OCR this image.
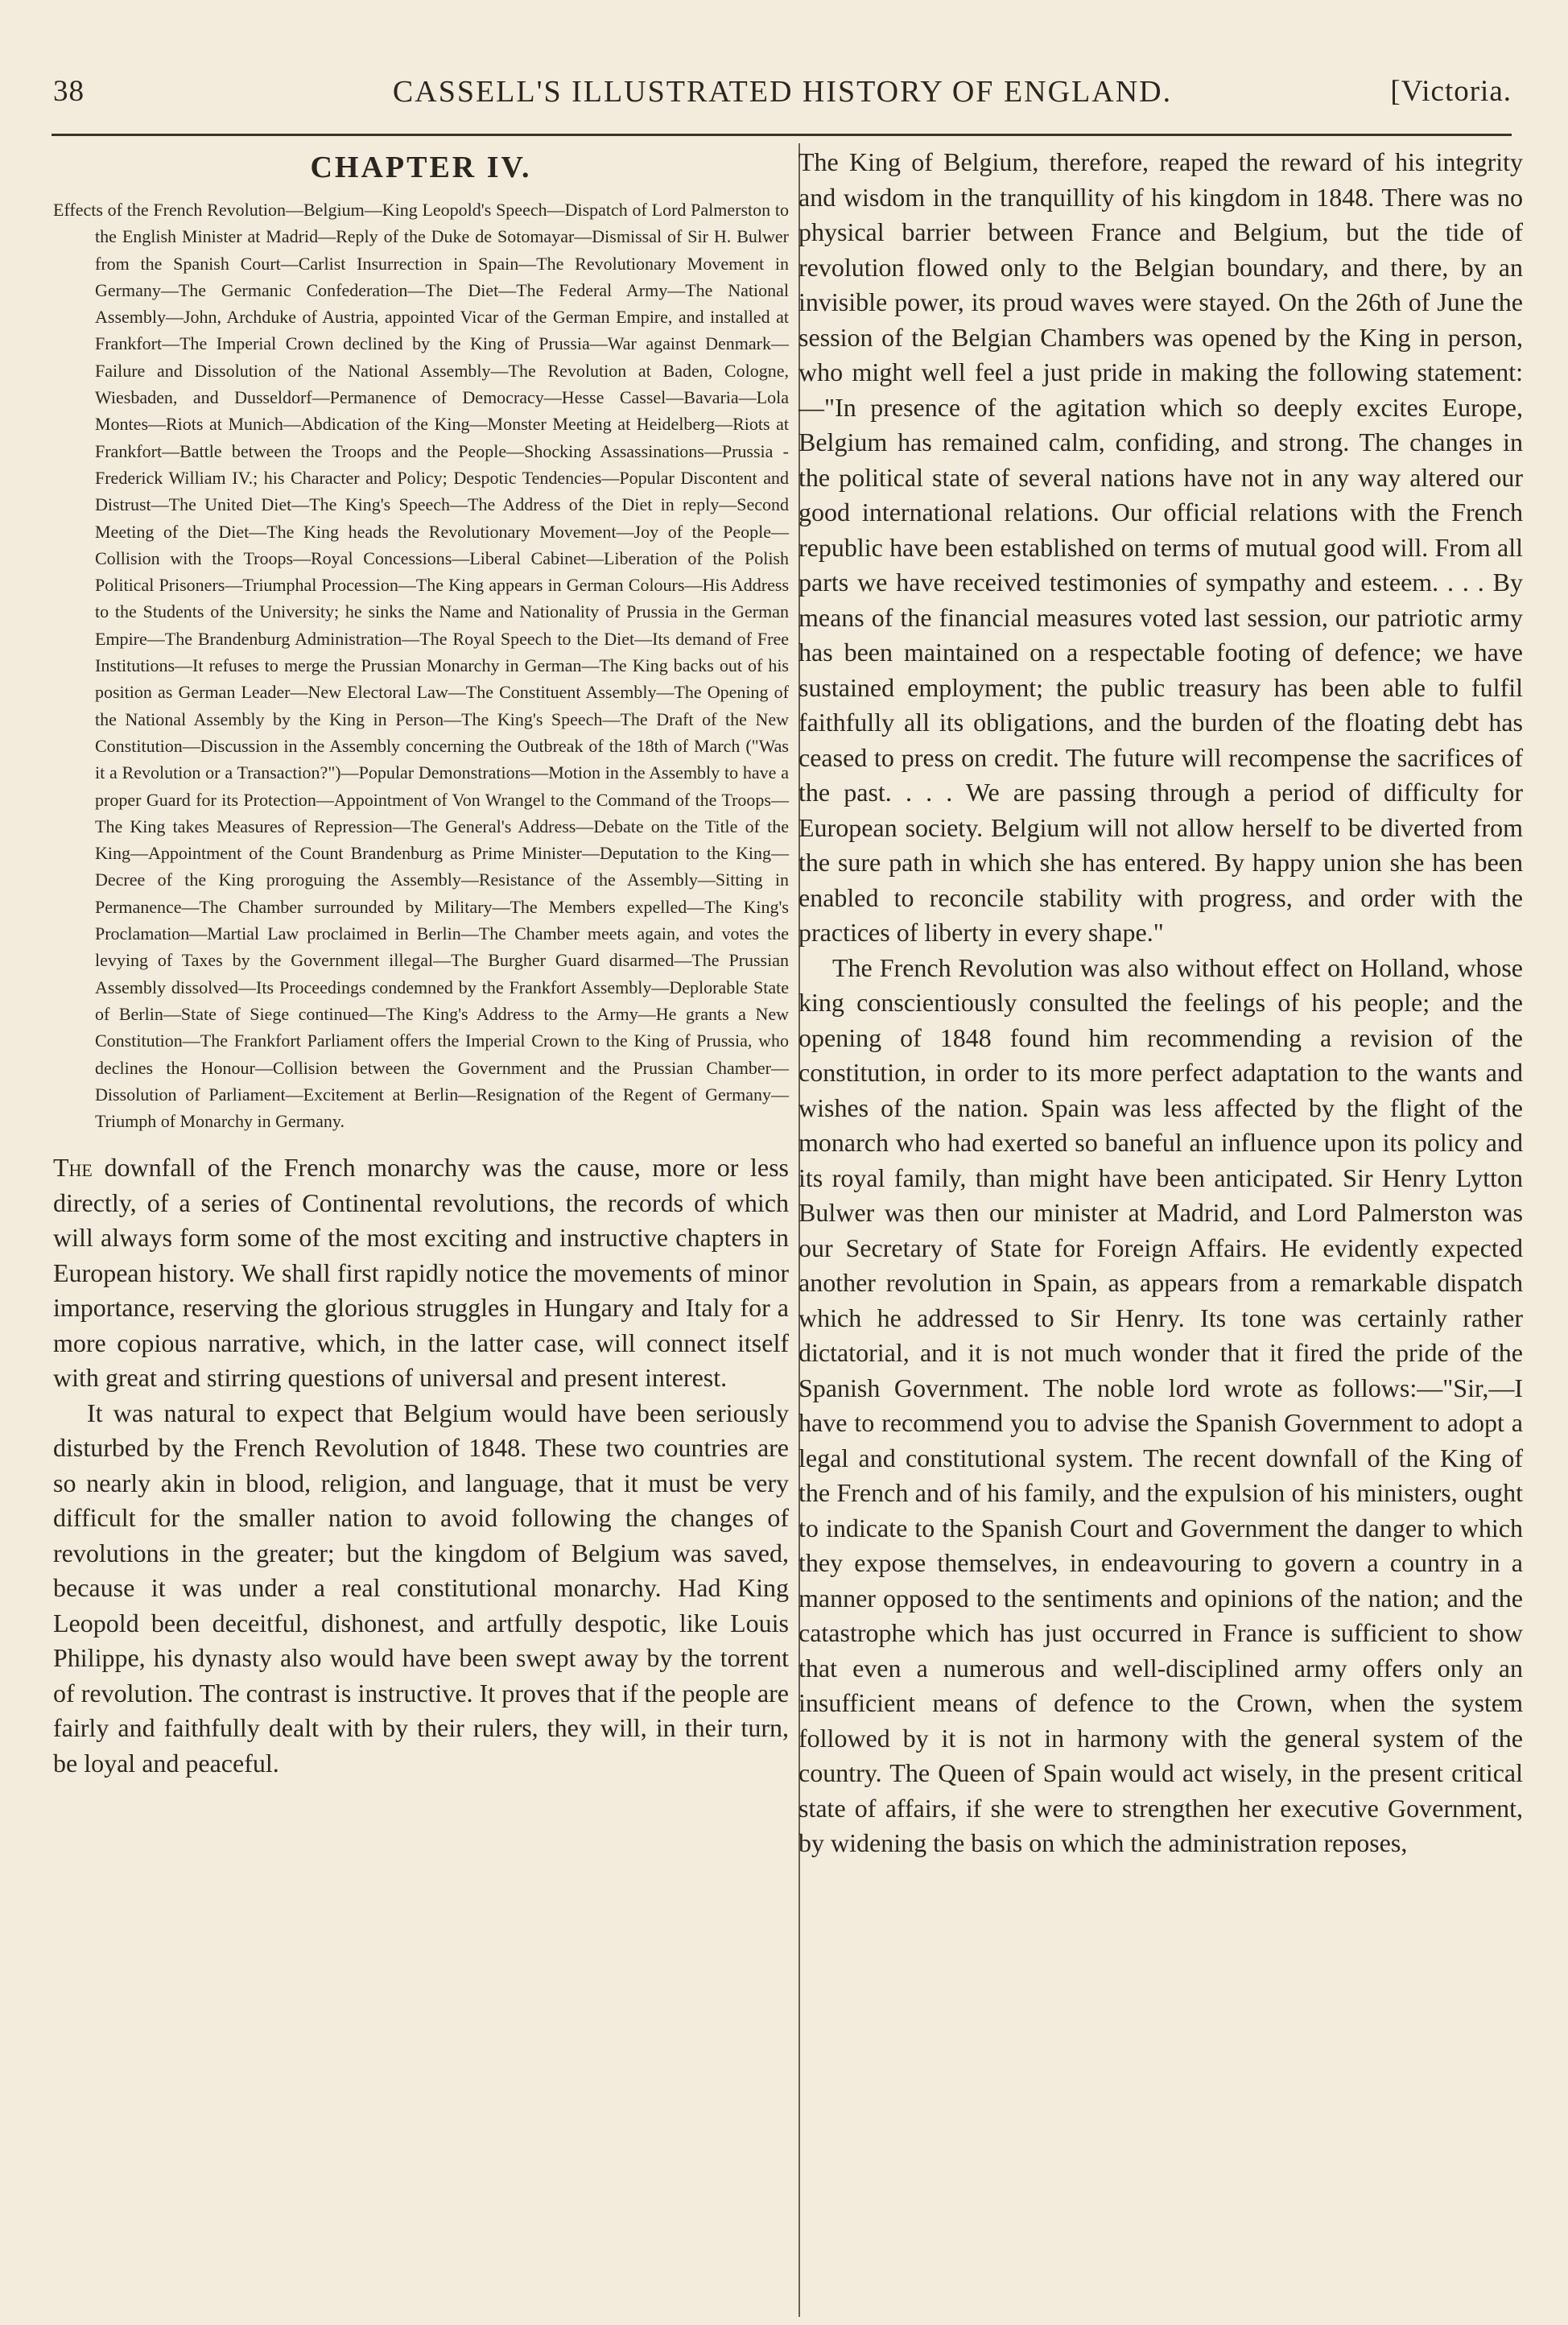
38	CASSELL'S ILLUSTRATED HISTORY OF ENGLAND.	[Victoria.
CHAPTER IV.

Effects of the French Revolution—Belgium—King Leopold's Speech—Dispatch of Lord Palmerston to the English Minister at Madrid—Reply of the Duke de Sotomayar—Dismissal of Sir H. Bulwer from the Spanish Court—Carlist Insurrection in Spain—The Revolutionary Movement in Germany—The Germanic Confederation—The Diet—The Federal Army—The National Assembly—John, Archduke of Austria, appointed Vicar of the German Empire, and installed at Frankfort—The Imperial Crown declined by the King of Prussia—War against Denmark—Failure and Dissolution of the National Assembly—The Revolution at Baden, Cologne, Wiesbaden, and Dusseldorf—Permanence of Democracy—Hesse Cassel—Bavaria—Lola Montes—Riots at Munich—Abdication of the King—Monster Meeting at Heidelberg—Riots at Frankfort—Battle between the Troops and the People—Shocking Assassinations—Prussia - Frederick William IV.; his Character and Policy; Despotic Tendencies—Popular Discontent and Distrust—The United Diet—The King's Speech—The Address of the Diet in reply—Second Meeting of the Diet—The King heads the Revolutionary Movement—Joy of the People—Collision with the Troops—Royal Concessions—Liberal Cabinet—Liberation of the Polish Political Prisoners—Triumphal Procession—The King appears in German Colours—His Address to the Students of the University; he sinks the Name and Nationality of Prussia in the German Empire—The Brandenburg Administration—The Royal Speech to the Diet—Its demand of Free Institutions—It refuses to merge the Prussian Monarchy in German—The King backs out of his position as German Leader—New Electoral Law—The Constituent Assembly—The Opening of the National Assembly by the King in Person—The King's Speech—The Draft of the New Constitution—Discussion in the Assembly concerning the Outbreak of the 18th of March ("Was it a Revolution or a Transaction?")—Popular Demonstrations—Motion in the Assembly to have a proper Guard for its Protection—Appointment of Von Wrangel to the Command of the Troops—The King takes Measures of Repression—The General's Address—Debate on the Title of the King—Appointment of the Count Brandenburg as Prime Minister—Deputation to the King—Decree of the King proroguing the Assembly—Resistance of the Assembly—Sitting in Permanence—The Chamber surrounded by Military—The Members expelled—The King's Proclamation—Martial Law proclaimed in Berlin—The Chamber meets again, and votes the levying of Taxes by the Government illegal—The Burgher Guard disarmed—The Prussian Assembly dissolved—Its Proceedings condemned by the Frankfort Assembly—Deplorable State of Berlin—State of Siege continued—The King's Address to the Army—He grants a New Constitution—The Frankfort Parliament offers the Imperial Crown to the King of Prussia, who declines the Honour—Collision between the Government and the Prussian Chamber—Dissolution of Parliament—Excitement at Berlin—Resignation of the Regent of Germany—Triumph of Monarchy in Germany.

The downfall of the French monarchy was the cause, more or less directly, of a series of Continental revolutions, the records of which will always form some of the most exciting and instructive chapters in European history. We shall first rapidly notice the movements of minor importance, reserving the glorious struggles in Hungary and Italy for a more copious narrative, which, in the latter case, will connect itself with great and stirring questions of universal and present interest.

It was natural to expect that Belgium would have been seriously disturbed by the French Revolution of 1848. These two countries are so nearly akin in blood, religion, and language, that it must be very difficult for the smaller nation to avoid following the changes of revolutions in the greater; but the kingdom of Belgium was saved, because it was under a real constitutional monarchy. Had King Leopold been deceitful, dishonest, and artfully despotic, like Louis Philippe, his dynasty also would have been swept away by the torrent of revolution. The contrast is instructive. It proves that if the people are fairly and faithfully dealt with by their rulers, they will, in their turn, be loyal and peaceful.

The King of Belgium, therefore, reaped the reward of his integrity and wisdom in the tranquillity of his kingdom in 1848. There was no physical barrier between France and Belgium, but the tide of revolution flowed only to the Belgian boundary, and there, by an invisible power, its proud waves were stayed. On the 26th of June the session of the Belgian Chambers was opened by the King in person, who might well feel a just pride in making the following statement:—"In presence of the agitation which so deeply excites Europe, Belgium has remained calm, confiding, and strong. The changes in the political state of several nations have not in any way altered our good international relations. Our official relations with the French republic have been established on terms of mutual good will. From all parts we have received testimonies of sympathy and esteem. . . . By means of the financial measures voted last session, our patriotic army has been maintained on a respectable footing of defence; we have sustained employment; the public treasury has been able to fulfil faithfully all its obligations, and the burden of the floating debt has ceased to press on credit. The future will recompense the sacrifices of the past. . . . We are passing through a period of difficulty for European society. Belgium will not allow herself to be diverted from the sure path in which she has entered. By happy union she has been enabled to reconcile stability with progress, and order with the practices of liberty in every shape."

The French Revolution was also without effect on Holland, whose king conscientiously consulted the feelings of his people; and the opening of 1848 found him recommending a revision of the constitution, in order to its more perfect adaptation to the wants and wishes of the nation. Spain was less affected by the flight of the monarch who had exerted so baneful an influence upon its policy and its royal family, than might have been anticipated. Sir Henry Lytton Bulwer was then our minister at Madrid, and Lord Palmerston was our Secretary of State for Foreign Affairs. He evidently expected another revolution in Spain, as appears from a remarkable dispatch which he addressed to Sir Henry. Its tone was certainly rather dictatorial, and it is not much wonder that it fired the pride of the Spanish Government. The noble lord wrote as follows:—"Sir,—I have to recommend you to advise the Spanish Government to adopt a legal and constitutional system. The recent downfall of the King of the French and of his family, and the expulsion of his ministers, ought to indicate to the Spanish Court and Government the danger to which they expose themselves, in endeavouring to govern a country in a manner opposed to the sentiments and opinions of the nation; and the catastrophe which has just occurred in France is sufficient to show that even a numerous and well-disciplined army offers only an insufficient means of defence to the Crown, when the system followed by it is not in harmony with the general system of the country. The Queen of Spain would act wisely, in the present critical state of affairs, if she were to strengthen her executive Government, by widening the basis on which the administration reposes,
